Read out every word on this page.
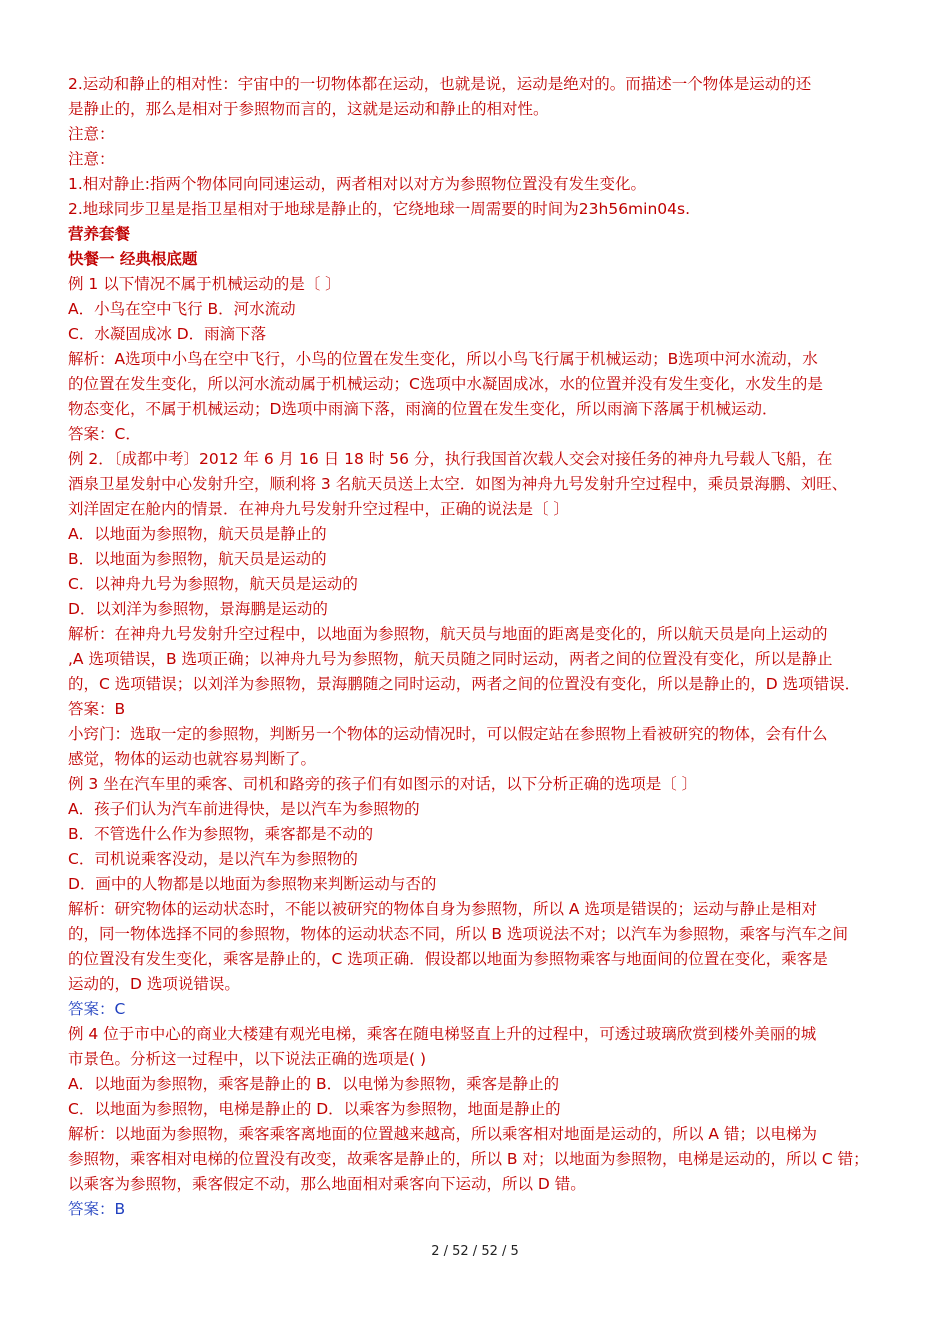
2.运动和静止的相对性：宇宙中的一切物体都在运动，也就是说，运动是绝对的。而描述一个物体是运动的还
是静止的，那么是相对于参照物而言的，这就是运动和静止的相对性。
注意：
注意：
1.相对静止:指两个物体同向同速运动，两者相对以对方为参照物位置没有发生变化。
2.地球同步卫星是指卫星相对于地球是静止的，它绕地球一周需要的时间为23h56min04s.
营养套餐
快餐一 经典根底题
例 1 以下情况不属于机械运动的是〔 〕
A．小鸟在空中飞行 B．河水流动
C．水凝固成冰 D．雨滴下落
解析：A选项中小鸟在空中飞行，小鸟的位置在发生变化，所以小鸟飞行属于机械运动；B选项中河水流动，水
的位置在发生变化，所以河水流动属于机械运动；C选项中水凝固成冰，水的位置并没有发生变化，水发生的是
物态变化，不属于机械运动；D选项中雨滴下落，雨滴的位置在发生变化，所以雨滴下落属于机械运动．
答案：C．
例 2．〔成都中考〕2012 年 6 月 16 日 18 时 56 分，执行我国首次载人交会对接任务的神舟九号载人飞船，在
酒泉卫星发射中心发射升空，顺利将 3 名航天员送上太空．如图为神舟九号发射升空过程中，乘员景海鹏、刘旺、
刘洋固定在舱内的情景．在神舟九号发射升空过程中，正确的说法是〔 〕
A．以地面为参照物，航天员是静止的
B．以地面为参照物，航天员是运动的
C．以神舟九号为参照物，航天员是运动的
D．以刘洋为参照物，景海鹏是运动的
解析：在神舟九号发射升空过程中，以地面为参照物，航天员与地面的距离是变化的，所以航天员是向上运动的
,A 选项错误，B 选项正确；以神舟九号为参照物，航天员随之同时运动，两者之间的位置没有变化，所以是静止
的，C 选项错误；以刘洋为参照物，景海鹏随之同时运动，两者之间的位置没有变化，所以是静止的，D 选项错误．
答案：B
小窍门：选取一定的参照物，判断另一个物体的运动情况时，可以假定站在参照物上看被研究的物体，会有什么
感觉，物体的运动也就容易判断了。
例 3 坐在汽车里的乘客、司机和路旁的孩子们有如图示的对话，以下分析正确的选项是〔 〕
A．孩子们认为汽车前进得快，是以汽车为参照物的
B．不管选什么作为参照物，乘客都是不动的
C．司机说乘客没动，是以汽车为参照物的
D．画中的人物都是以地面为参照物来判断运动与否的
解析：研究物体的运动状态时，不能以被研究的物体自身为参照物，所以 A 选项是错误的；运动与静止是相对
的，同一物体选择不同的参照物，物体的运动状态不同，所以 B 选项说法不对；以汽车为参照物，乘客与汽车之间
的位置没有发生变化，乘客是静止的，C 选项正确．假设都以地面为参照物乘客与地面间的位置在变化，乘客是
运动的，D 选项说错误。
答案：C
例 4 位于市中心的商业大楼建有观光电梯，乘客在随电梯竖直上升的过程中，可透过玻璃欣赏到楼外美丽的城
市景色。分析这一过程中，以下说法正确的选项是( )
A．以地面为参照物，乘客是静止的 B．以电悌为参照物，乘客是静止的
C．以地面为参照物，电梯是静止的 D．以乘客为参照物，地面是静止的
解析：以地面为参照物，乘客乘客离地面的位置越来越高，所以乘客相对地面是运动的，所以 A 错；以电梯为
参照物，乘客相对电梯的位置没有改变，故乘客是静止的，所以 B 对；以地面为参照物，电梯是运动的，所以 C 错；
以乘客为参照物，乘客假定不动，那么地面相对乘客向下运动，所以 D 错。
答案：B
2 / 52 / 52 / 5
